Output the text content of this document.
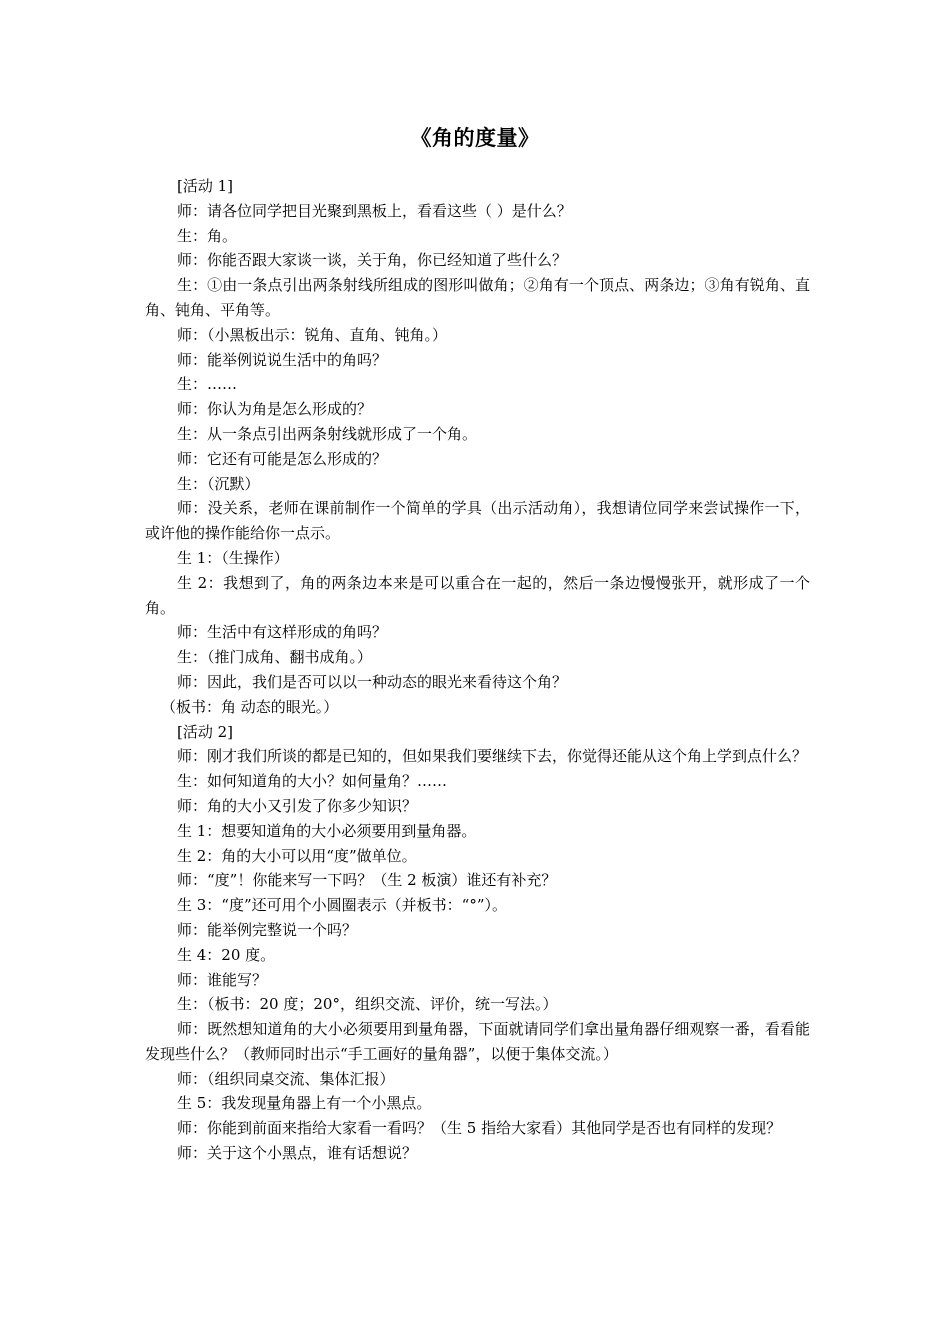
《角的度量》

[活动 1]

师：请各位同学把目光聚到黑板上，看看这些（ ）是什么？

生：角。

师：你能否跟大家谈一谈，关于角，你已经知道了些什么？

生：①由一条点引出两条射线所组成的图形叫做角；②角有一个顶点、两条边；③角有锐角、直角、钝角、平角等。

师：（小黑板出示：锐角、直角、钝角。）

师：能举例说说生活中的角吗？

生：……

师：你认为角是怎么形成的？

生：从一条点引出两条射线就形成了一个角。

师：它还有可能是怎么形成的？

生：（沉默）

师：没关系，老师在课前制作一个简单的学具（出示活动角），我想请位同学来尝试操作一下，或许他的操作能给你一点示。

生 1：（生操作）

生 2：我想到了，角的两条边本来是可以重合在一起的，然后一条边慢慢张开，就形成了一个角。

师：生活中有这样形成的角吗？

生：（推门成角、翻书成角。）

师：因此，我们是否可以以一种动态的眼光来看待这个角？

（板书：角 动态的眼光。）

[活动 2]

师：刚才我们所谈的都是已知的，但如果我们要继续下去，你觉得还能从这个角上学到点什么？

生：如何知道角的大小？如何量角？……

师：角的大小又引发了你多少知识？

生 1：想要知道角的大小必须要用到量角器。

生 2：角的大小可以用“度”做单位。

师：“度”！你能来写一下吗？（生 2 板演）谁还有补充？

生 3：“度”还可用个小圆圈表示（并板书：“°”）。

师：能举例完整说一个吗？

生 4：20 度。

师：谁能写？

生：（板书：20 度；20°，组织交流、评价，统一写法。）

师：既然想知道角的大小必须要用到量角器，下面就请同学们拿出量角器仔细观察一番，看看能发现些什么？（教师同时出示“手工画好的量角器”，以便于集体交流。）

师：（组织同桌交流、集体汇报）

生 5：我发现量角器上有一个小黑点。

师：你能到前面来指给大家看一看吗？（生 5 指给大家看）其他同学是否也有同样的发现？

师：关于这个小黑点，谁有话想说？
